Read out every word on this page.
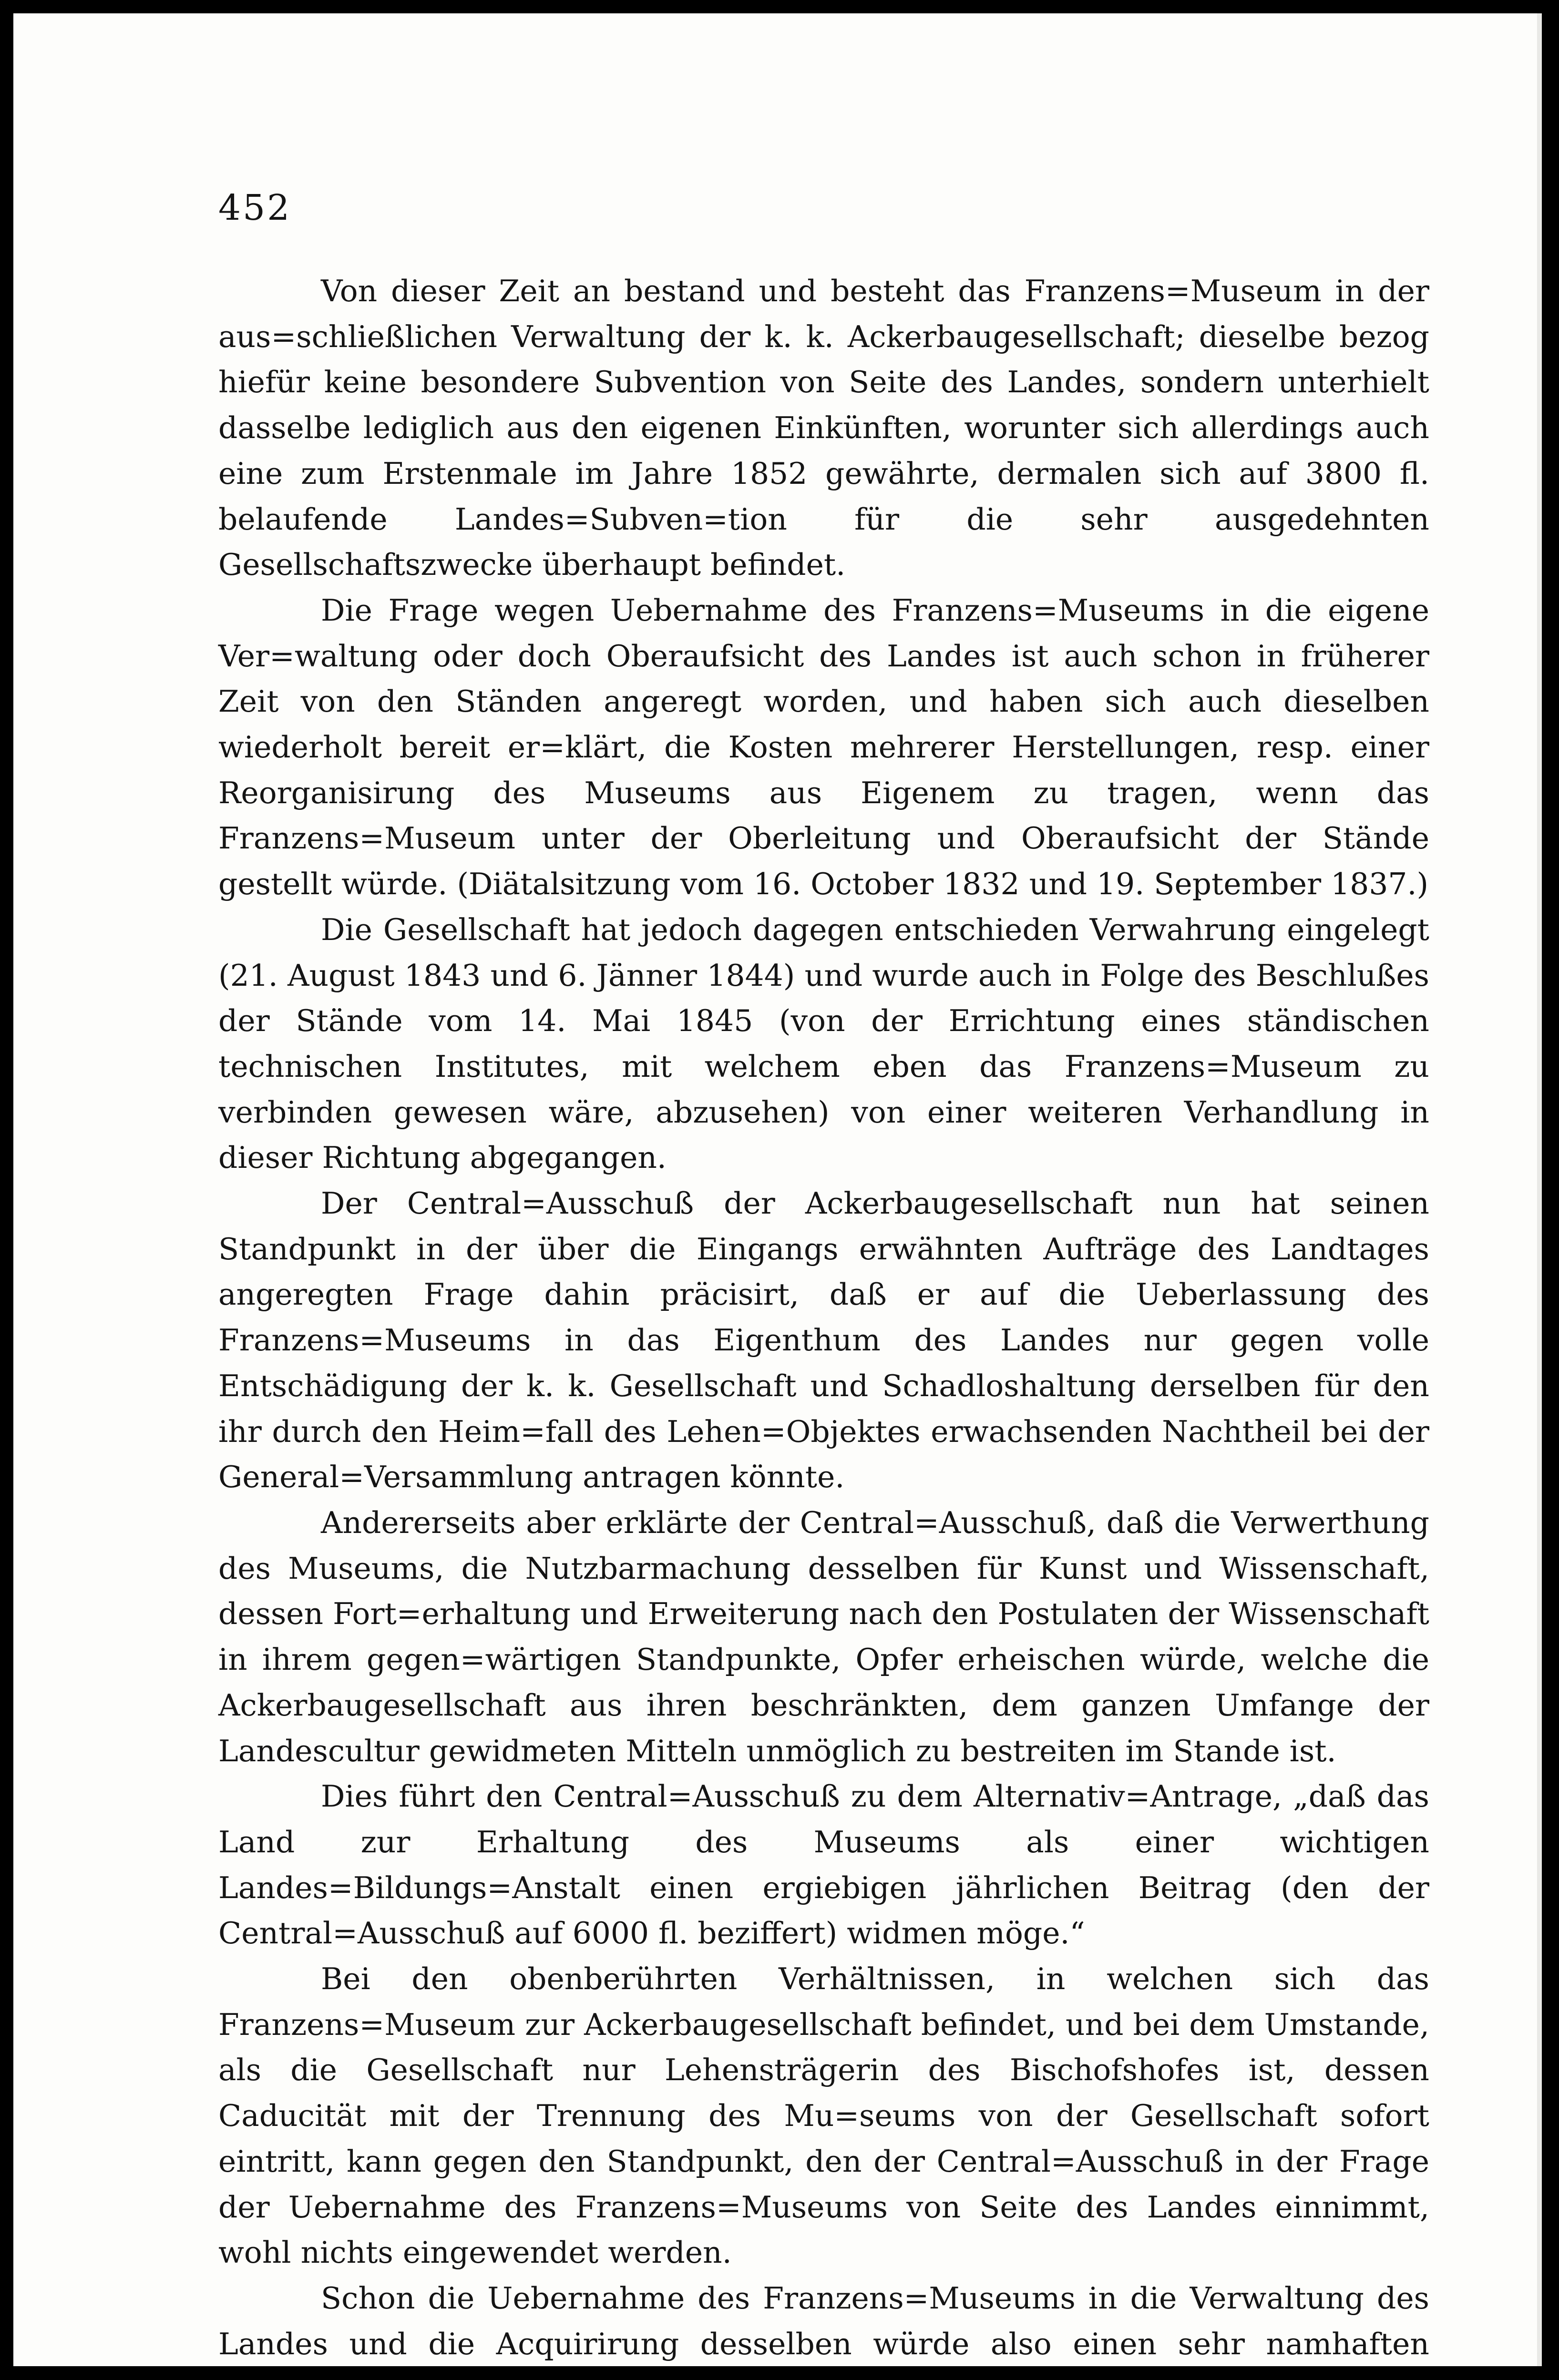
452

Von dieser Zeit an bestand und besteht das Franzens=Museum in der aus=schließlichen Verwaltung der k. k. Ackerbaugesellschaft; dieselbe bezog hiefür keine besondere Subvention von Seite des Landes, sondern unterhielt dasselbe lediglich aus den eigenen Einkünften, worunter sich allerdings auch eine zum Erstenmale im Jahre 1852 gewährte, dermalen sich auf 3800 fl. belaufende Landes=Subven=tion für die sehr ausgedehnten Gesellschaftszwecke überhaupt befindet.

Die Frage wegen Uebernahme des Franzens=Museums in die eigene Ver=waltung oder doch Oberaufsicht des Landes ist auch schon in früherer Zeit von den Ständen angeregt worden, und haben sich auch dieselben wiederholt bereit er=klärt, die Kosten mehrerer Herstellungen, resp. einer Reorganisirung des Museums aus Eigenem zu tragen, wenn das Franzens=Museum unter der Oberleitung und Oberaufsicht der Stände gestellt würde. (Diätalsitzung vom 16. October 1832 und 19. September 1837.)

Die Gesellschaft hat jedoch dagegen entschieden Verwahrung eingelegt (21. August 1843 und 6. Jänner 1844) und wurde auch in Folge des Beschlußes der Stände vom 14. Mai 1845 (von der Errichtung eines ständischen technischen Institutes, mit welchem eben das Franzens=Museum zu verbinden gewesen wäre, abzusehen) von einer weiteren Verhandlung in dieser Richtung abgegangen.

Der Central=Ausschuß der Ackerbaugesellschaft nun hat seinen Standpunkt in der über die Eingangs erwähnten Aufträge des Landtages angeregten Frage dahin präcisirt, daß er auf die Ueberlassung des Franzens=Museums in das Eigenthum des Landes nur gegen volle Entschädigung der k. k. Gesellschaft und Schadloshaltung derselben für den ihr durch den Heim=fall des Lehen=Objektes erwachsenden Nachtheil bei der General=Versammlung antragen könnte.

Andererseits aber erklärte der Central=Ausschuß, daß die Verwerthung des Museums, die Nutzbarmachung desselben für Kunst und Wissenschaft, dessen Fort=erhaltung und Erweiterung nach den Postulaten der Wissenschaft in ihrem gegen=wärtigen Standpunkte, Opfer erheischen würde, welche die Ackerbaugesellschaft aus ihren beschränkten, dem ganzen Umfange der Landescultur gewidmeten Mitteln unmöglich zu bestreiten im Stande ist.

Dies führt den Central=Ausschuß zu dem Alternativ=Antrage, „daß das Land zur Erhaltung des Museums als einer wichtigen Landes=Bildungs=Anstalt einen ergiebigen jährlichen Beitrag (den der Central=Ausschuß auf 6000 fl. beziffert) widmen möge.“

Bei den obenberührten Verhältnissen, in welchen sich das Franzens=Museum zur Ackerbaugesellschaft befindet, und bei dem Umstande, als die Gesellschaft nur Lehensträgerin des Bischofshofes ist, dessen Caducität mit der Trennung des Mu=seums von der Gesellschaft sofort eintritt, kann gegen den Standpunkt, den der Central=Ausschuß in der Frage der Uebernahme des Franzens=Museums von Seite des Landes einnimmt, wohl nichts eingewendet werden.

Schon die Uebernahme des Franzens=Museums in die Verwaltung des Landes und die Acquirirung desselben würde also einen sehr namhaften
